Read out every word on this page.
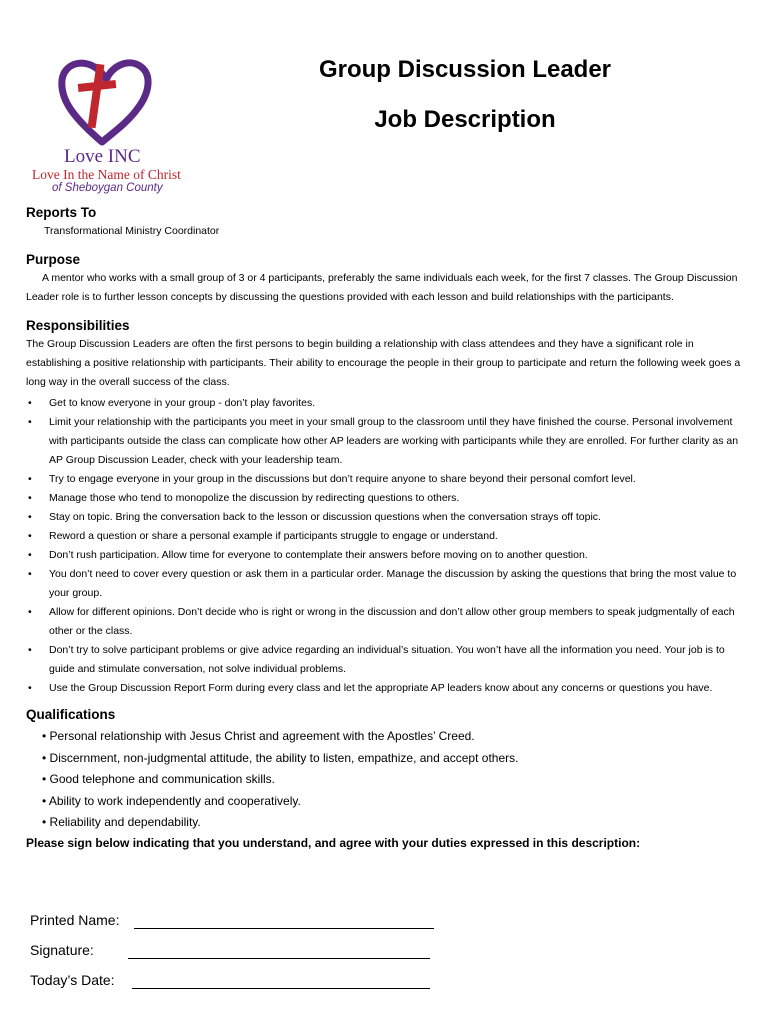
Love INC
Love In the Name of Christ
of Sheboygan County
Group Discussion Leader
Job Description
Reports To

Transformational Ministry Coordinator

Purpose

A mentor who works with a small group of 3 or 4 participants, preferably the same individuals each week, for the first 7 classes. The Group Discussion Leader role is to further lesson concepts by discussing the questions provided with each lesson and build relationships with the participants.

Responsibilities

The Group Discussion Leaders are often the first persons to begin building a relationship with class attendees and they have a significant role in establishing a positive relationship with participants. Their ability to encourage the people in their group to participate and return the following week goes a long way in the overall success of the class.

• Get to know everyone in your group - don’t play favorites.
• Limit your relationship with the participants you meet in your small group to the classroom until they have finished the course. Personal involvement with participants outside the class can complicate how other AP leaders are working with participants while they are enrolled. For further clarity as an AP Group Discussion Leader, check with your leadership team.
• Try to engage everyone in your group in the discussions but don’t require anyone to share beyond their personal comfort level.
• Manage those who tend to monopolize the discussion by redirecting questions to others.
• Stay on topic. Bring the conversation back to the lesson or discussion questions when the conversation strays off topic.
• Reword a question or share a personal example if participants struggle to engage or understand.
• Don’t rush participation. Allow time for everyone to contemplate their answers before moving on to another question.
• You don’t need to cover every question or ask them in a particular order. Manage the discussion by asking the questions that bring the most value to your group.
• Allow for different opinions. Don’t decide who is right or wrong in the discussion and don’t allow other group members to speak judgmentally of each other or the class.
• Don’t try to solve participant problems or give advice regarding an individual’s situation. You won’t have all the information you need. Your job is to guide and stimulate conversation, not solve individual problems.
• Use the Group Discussion Report Form during every class and let the appropriate AP leaders know about any concerns or questions you have.
Qualifications
• Personal relationship with Jesus Christ and agreement with the Apostles’ Creed.
• Discernment, non-judgmental attitude, the ability to listen, empathize, and accept others.
• Good telephone and communication skills.
• Ability to work independently and cooperatively.
• Reliability and dependability.
Please sign below indicating that you understand, and agree with your duties expressed in this description:
Printed Name:
Signature:
Today’s Date:
